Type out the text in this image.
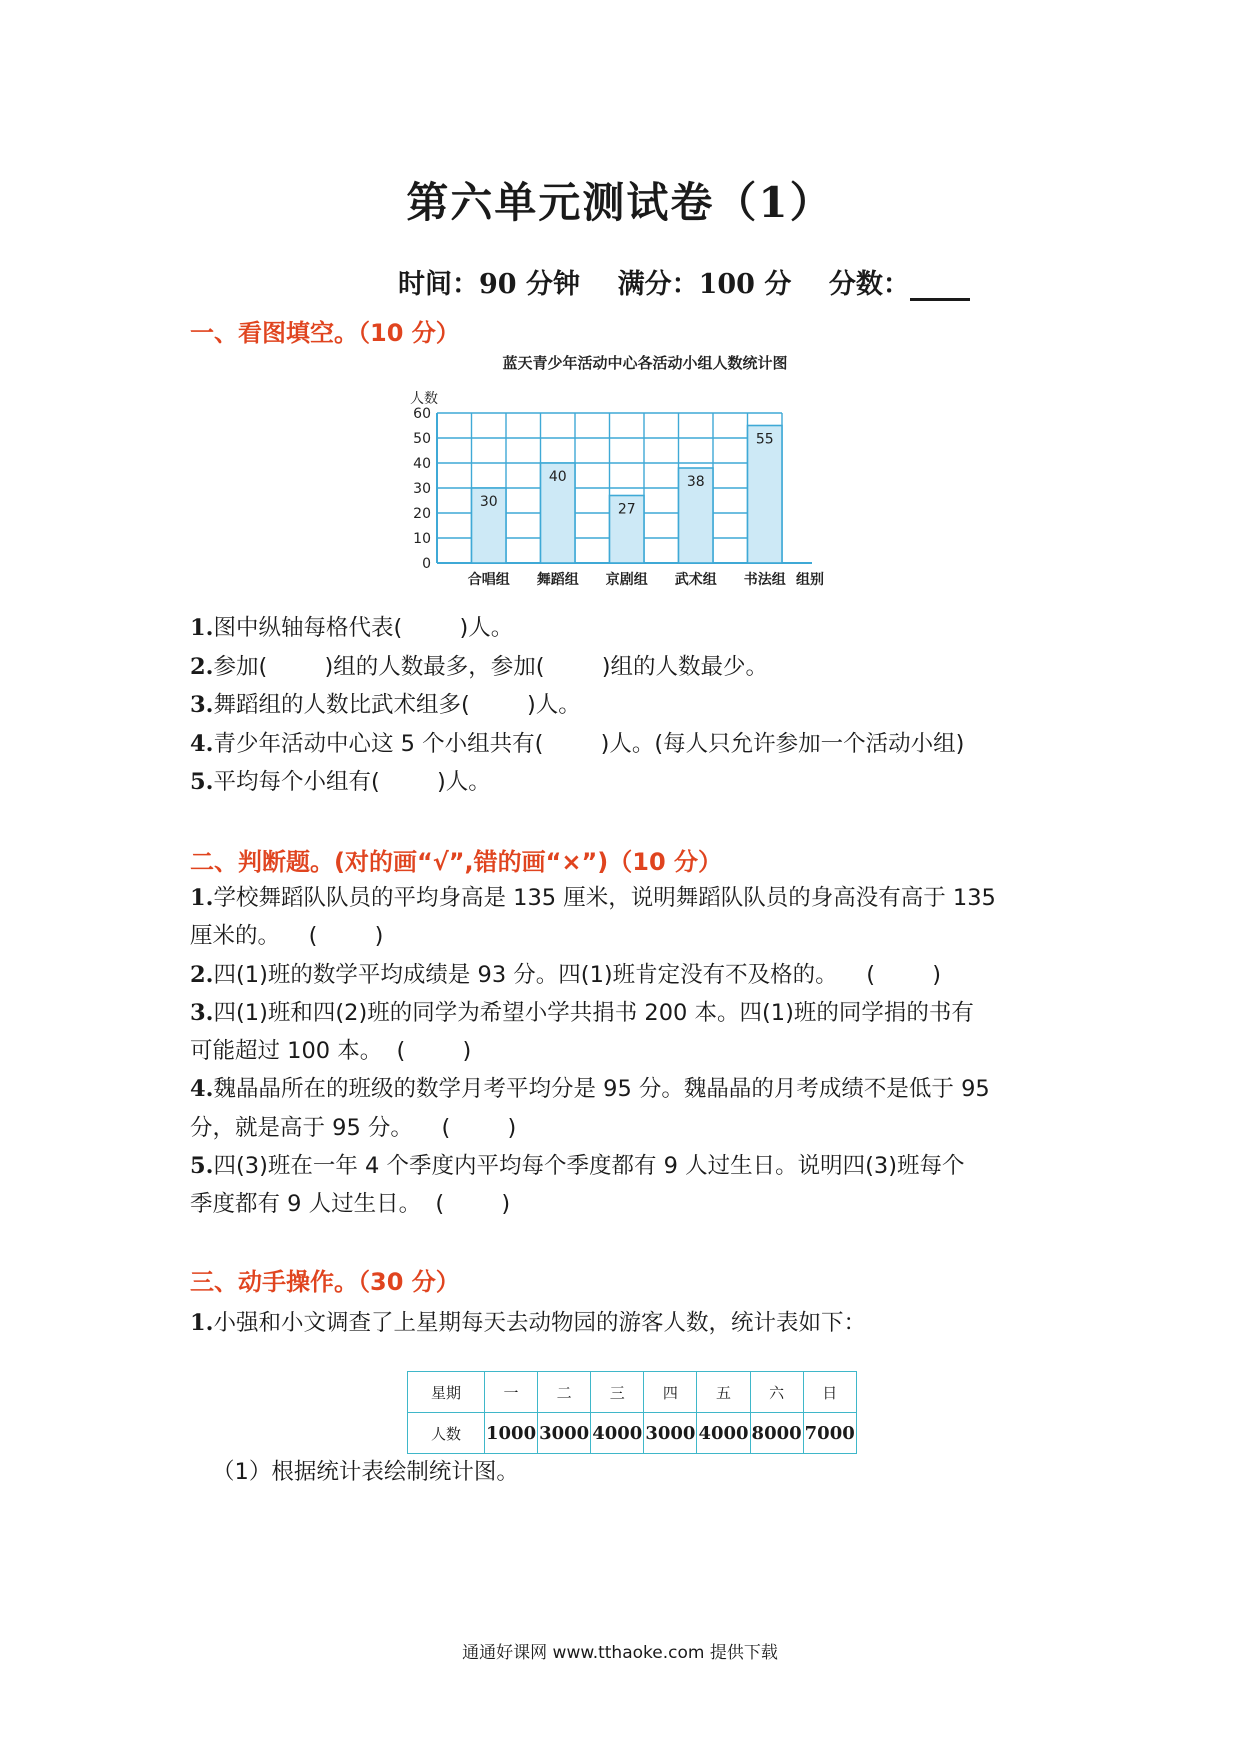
第六单元测试卷（1）
时间：90 分钟    满分：100 分    分数：
一、看图填空。（10 分）
蓝天青少年活动中心各活动小组人数统计图
人数
组别
0
10
20
30
40
50
60
30
合唱组
40
舞蹈组
27
京剧组
38
武术组
55
书法组
1.图中纵轴每格代表(        )人。
2.参加(        )组的人数最多，参加(        )组的人数最少。
3.舞蹈组的人数比武术组多(        )人。
4.青少年活动中心这 5 个小组共有(        )人。(每人只允许参加一个活动小组)
5.平均每个小组有(        )人。
二、判断题。(对的画“√”,错的画“×”)（10 分）
1.学校舞蹈队队员的平均身高是 135 厘米，说明舞蹈队队员的身高没有高于 135
厘米的。    (        )
2.四(1)班的数学平均成绩是 93 分。四(1)班肯定没有不及格的。    (        )
3.四(1)班和四(2)班的同学为希望小学共捐书 200 本。四(1)班的同学捐的书有
可能超过 100 本。  (        )
4.魏晶晶所在的班级的数学月考平均分是 95 分。魏晶晶的月考成绩不是低于 95
分，就是高于 95 分。    (        )
5.四(3)班在一年 4 个季度内平均每个季度都有 9 人过生日。说明四(3)班每个
季度都有 9 人过生日。  (        )
三、动手操作。（30 分）
1.小强和小文调查了上星期每天去动物园的游客人数，统计表如下：
星期	一	二	三	四	五	六	日
人数	1000	3000	4000	3000	4000	8000	7000
（1）根据统计表绘制统计图。
通通好课网 www.tthaoke.com 提供下载
